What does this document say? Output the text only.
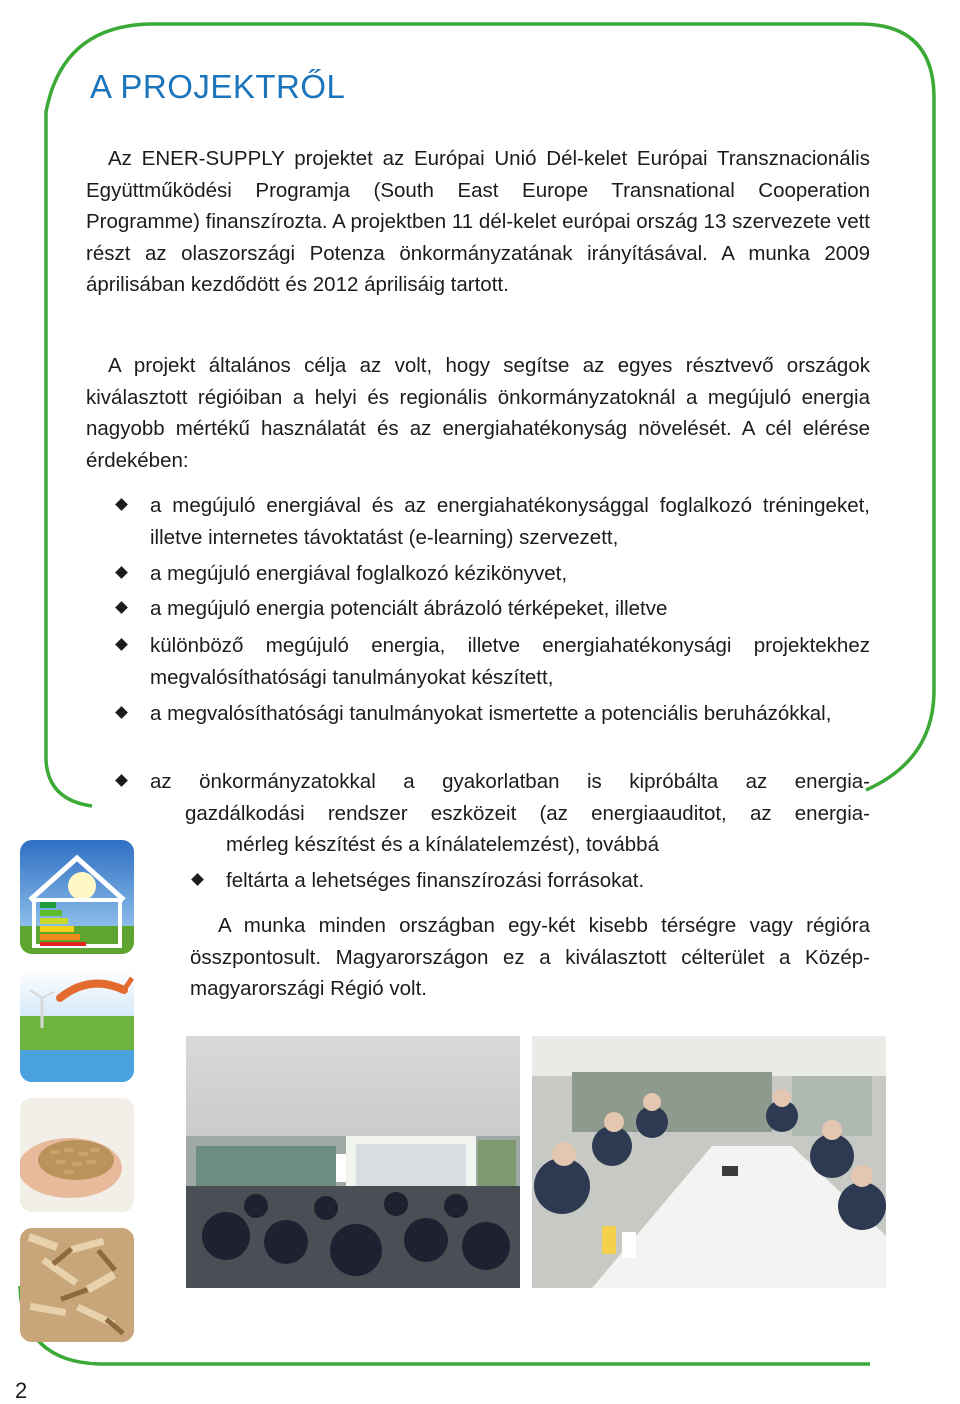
A PROJEKTRŐL

Az ENER-SUPPLY projektet az Európai Unió Dél-kelet Európai Transznacionális Együttműködési Programja (South East Europe Transnational Cooperation Programme) finanszírozta. A projektben 11 dél-kelet európai ország 13 szervezete vett részt az olaszországi Potenza önkormányzatának irányításával. A munka 2009 áprilisában kezdődött és 2012 áprilisáig tartott.

A projekt általános célja az volt, hogy segítse az egyes résztvevő országok kiválasztott régióiban a helyi és regionális önkormányzatoknál a megújuló energia nagyobb mértékű használatát és az energiahatékonyság növelését. A cél elérése érdekében:

a megújuló energiával és az energiahatékonysággal foglalkozó tréningeket, illetve internetes távoktatást (e-learning) szervezett,
a megújuló energiával foglalkozó kézikönyvet,
a megújuló energia potenciált ábrázoló térképeket, illetve
különböző megújuló energia, illetve energiahatékonysági projektekhez megvalósíthatósági tanulmányokat készített,
a megvalósíthatósági tanulmányokat ismertette a potenciális beruházókkal,
az önkormányzatokkal a gyakorlatban is kipróbálta az energia-
gazdálkodási rendszer eszközeit (az energiaauditot, az energia-
mérleg készítést és a kínálatelemzést), továbbá
feltárta a lehetséges finanszírozási forrásokat.

A munka minden országban egy-két kisebb térségre vagy régióra összpontosult. Magyarországon ez a kiválasztott célterület a Közép-magyarországi Régió volt.

2
